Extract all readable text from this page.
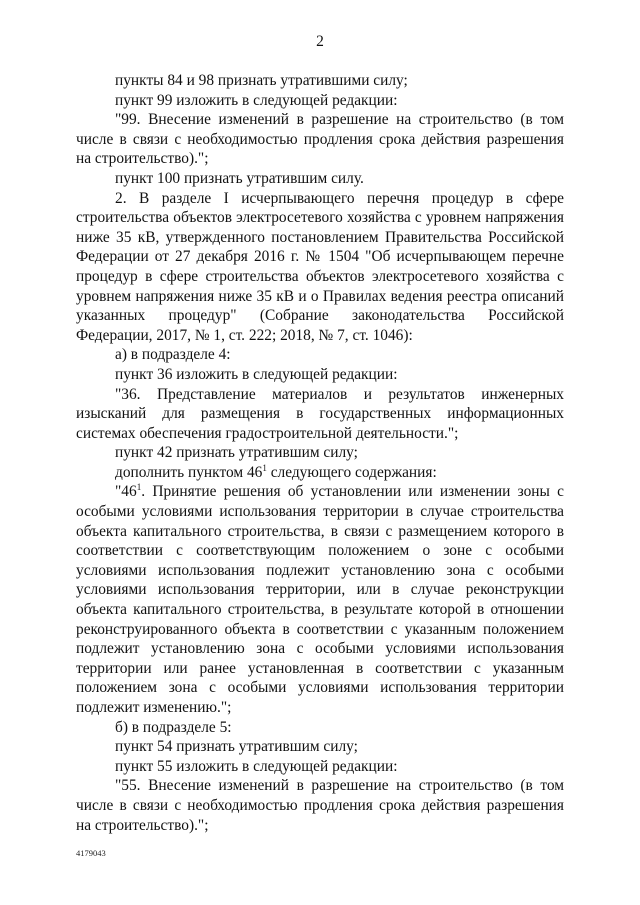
2

пункты 84 и 98 признать утратившими силу;

пункт 99 изложить в следующей редакции:

"99. Внесение изменений в разрешение на строительство (в том числе в связи с необходимостью продления срока действия разрешения на строительство).";

пункт 100 признать утратившим силу.

2. В разделе I исчерпывающего перечня процедур в сфере строительства объектов электросетевого хозяйства с уровнем напряжения ниже 35 кВ, утвержденного постановлением Правительства Российской Федерации от 27 декабря 2016 г. № 1504 "Об исчерпывающем перечне процедур в сфере строительства объектов электросетевого хозяйства с уровнем напряжения ниже 35 кВ и о Правилах ведения реестра описаний указанных процедур" (Собрание законодательства Российской Федерации, 2017, № 1, ст. 222; 2018, № 7, ст. 1046):

а) в подразделе 4:

пункт 36 изложить в следующей редакции:

"36. Представление материалов и результатов инженерных изысканий для размещения в государственных информационных системах обеспечения градостроительной деятельности.";

пункт 42 признать утратившим силу;

дополнить пунктом $46^1$ следующего содержания:

"$46^1$. Принятие решения об установлении или изменении зоны с особыми условиями использования территории в случае строительства объекта капитального строительства, в связи с размещением которого в соответствии с соответствующим положением о зоне с особыми условиями использования подлежит установлению зона с особыми условиями использования территории, или в случае реконструкции объекта капитального строительства, в результате которой в отношении реконструированного объекта в соответствии с указанным положением подлежит установлению зона с особыми условиями использования территории или ранее установленная в соответствии с указанным положением зона с особыми условиями использования территории подлежит изменению.";

б) в подразделе 5:

пункт 54 признать утратившим силу;

пункт 55 изложить в следующей редакции:

"55. Внесение изменений в разрешение на строительство (в том числе в связи с необходимостью продления срока действия разрешения на строительство).";

4179043
